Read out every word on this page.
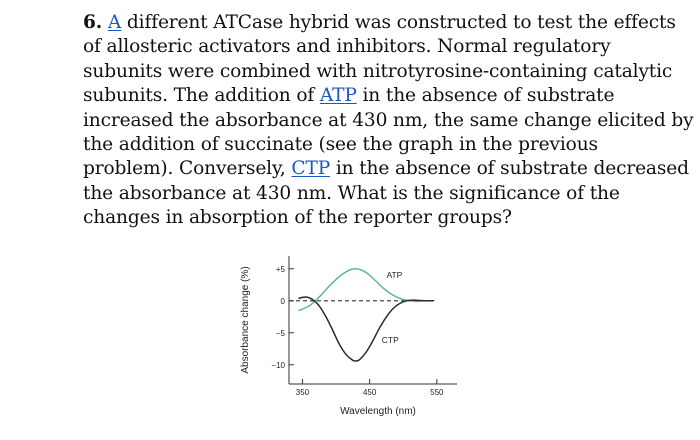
6. A different ATCase hybrid was constructed to test the effects
of allosteric activators and inhibitors. Normal regulatory
subunits were combined with nitrotyrosine-containing catalytic
subunits. The addition of ATP in the absence of substrate
increased the absorbance at 430 nm, the same change elicited by
the addition of succinate (see the graph in the previous
problem). Conversely, CTP in the absence of substrate decreased
the absorbance at 430 nm. What is the significance of the
changes in absorption of the reporter groups?
+5
0
−5
−10
350	450	550
Wavelength (nm)
Absorbance change (%)	ATP
CTP
